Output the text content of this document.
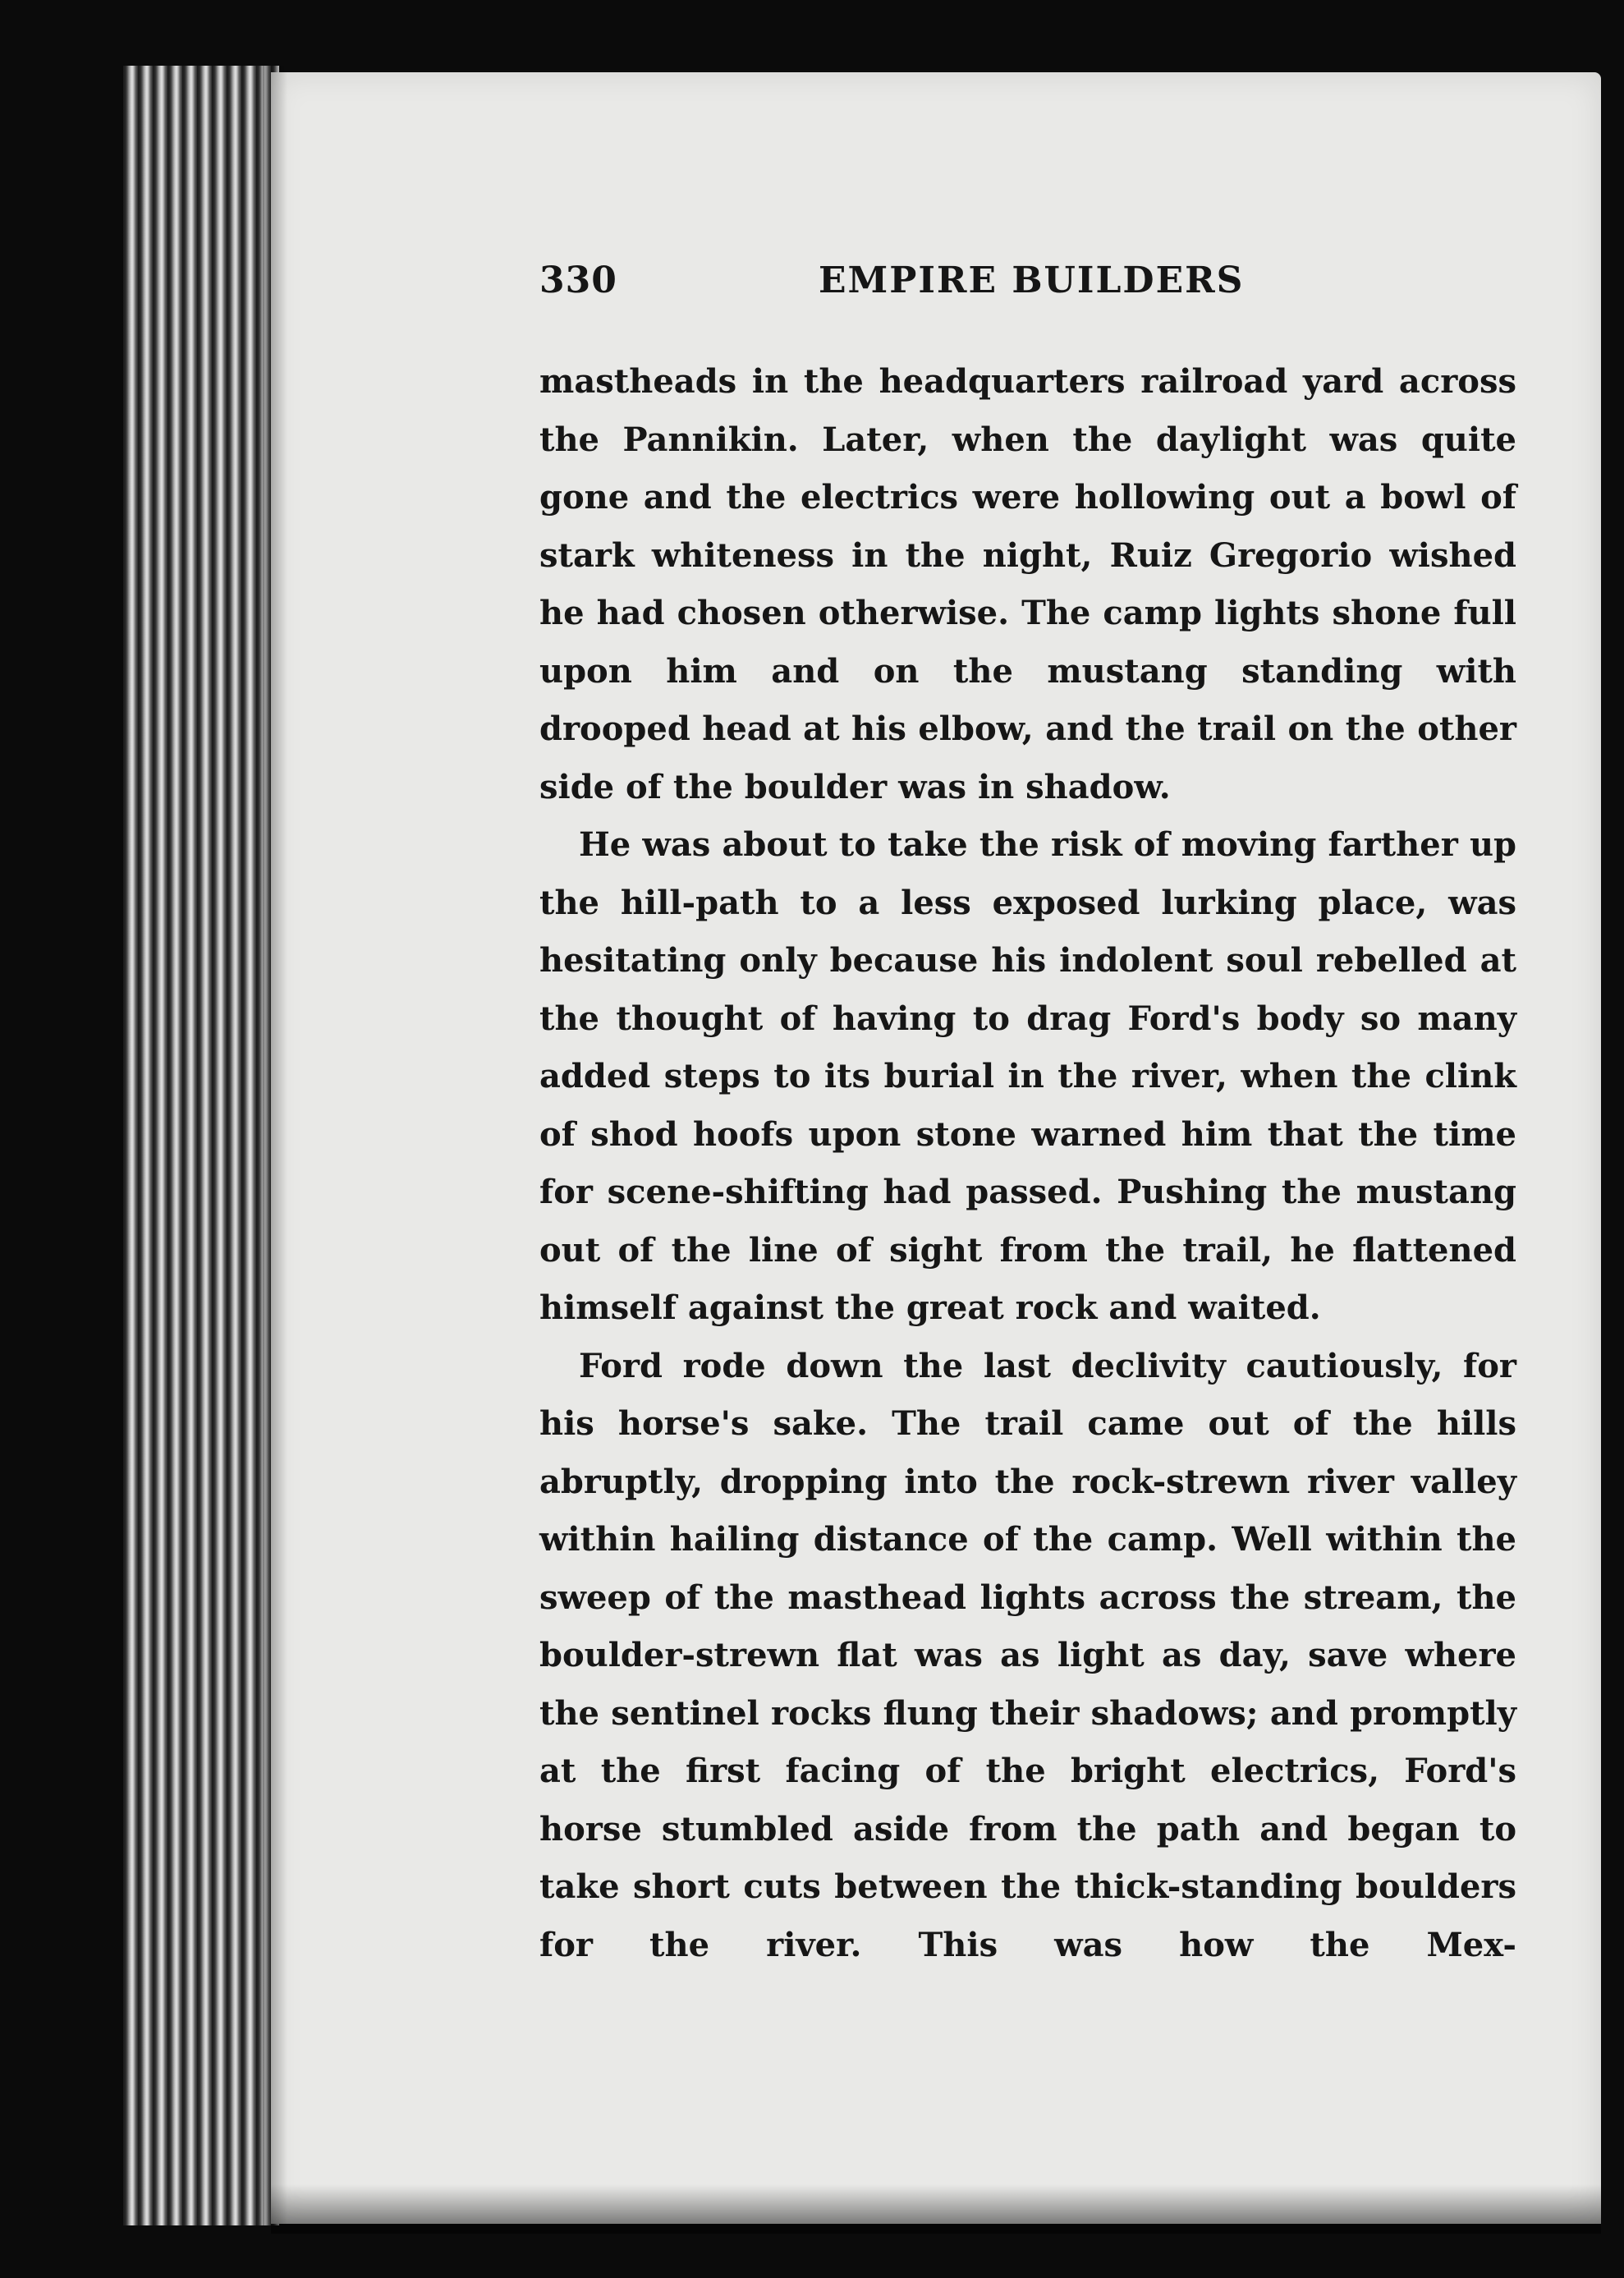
330	EMPIRE BUILDERS

mastheads in the headquarters railroad yard across the Pannikin. Later, when the daylight was quite gone and the electrics were hollowing out a bowl of stark whiteness in the night, Ruiz Gregorio wished he had chosen otherwise. The camp lights shone full upon him and on the mustang standing with drooped head at his elbow, and the trail on the other side of the boulder was in shadow.

He was about to take the risk of moving farther up the hill-path to a less exposed lurking place, was hesitating only because his indolent soul rebelled at the thought of having to drag Ford's body so many added steps to its burial in the river, when the clink of shod hoofs upon stone warned him that the time for scene-shifting had passed. Pushing the mustang out of the line of sight from the trail, he flattened himself against the great rock and waited.

Ford rode down the last declivity cautiously, for his horse's sake. The trail came out of the hills abruptly, dropping into the rock-strewn river valley within hailing distance of the camp. Well within the sweep of the masthead lights across the stream, the boulder-strewn flat was as light as day, save where the sentinel rocks flung their shadows; and promptly at the first facing of the bright electrics, Ford's horse stumbled aside from the path and began to take short cuts between the thick-standing boulders for the river. This was how the Mex-
